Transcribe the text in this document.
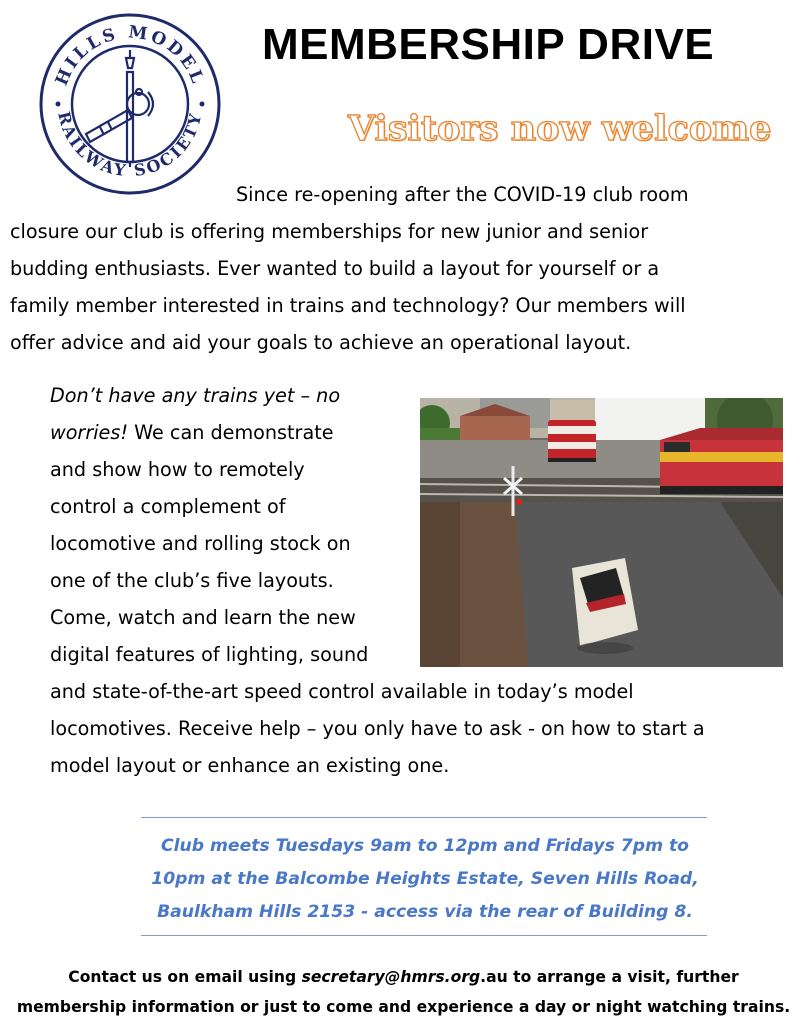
HILLS MODEL
RAILWAY SOCIETY
MEMBERSHIP DRIVE
Visitors now welcome
Since re-opening after the COVID-19 club room
closure our club is offering memberships for new junior and senior
budding enthusiasts. Ever wanted to build a layout for yourself or a
family member interested in trains and technology? Our members will
offer advice and aid your goals to achieve an operational layout.
Don’t have any trains yet – no
worries! We can demonstrate
and show how to remotely
control a complement of
locomotive and rolling stock on
one of the club’s five layouts.
Come, watch and learn the new
digital features of lighting, sound
and state-of-the-art speed control available in today’s model
locomotives. Receive help – you only have to ask - on how to start a
model layout or enhance an existing one.
Club meets Tuesdays 9am to 12pm and Fridays 7pm to
10pm at the Balcombe Heights Estate, Seven Hills Road,
Baulkham Hills 2153 - access via the rear of Building 8.
Contact us on email using secretary@hmrs.org.au to arrange a visit, further
membership information or just to come and experience a day or night watching trains.
